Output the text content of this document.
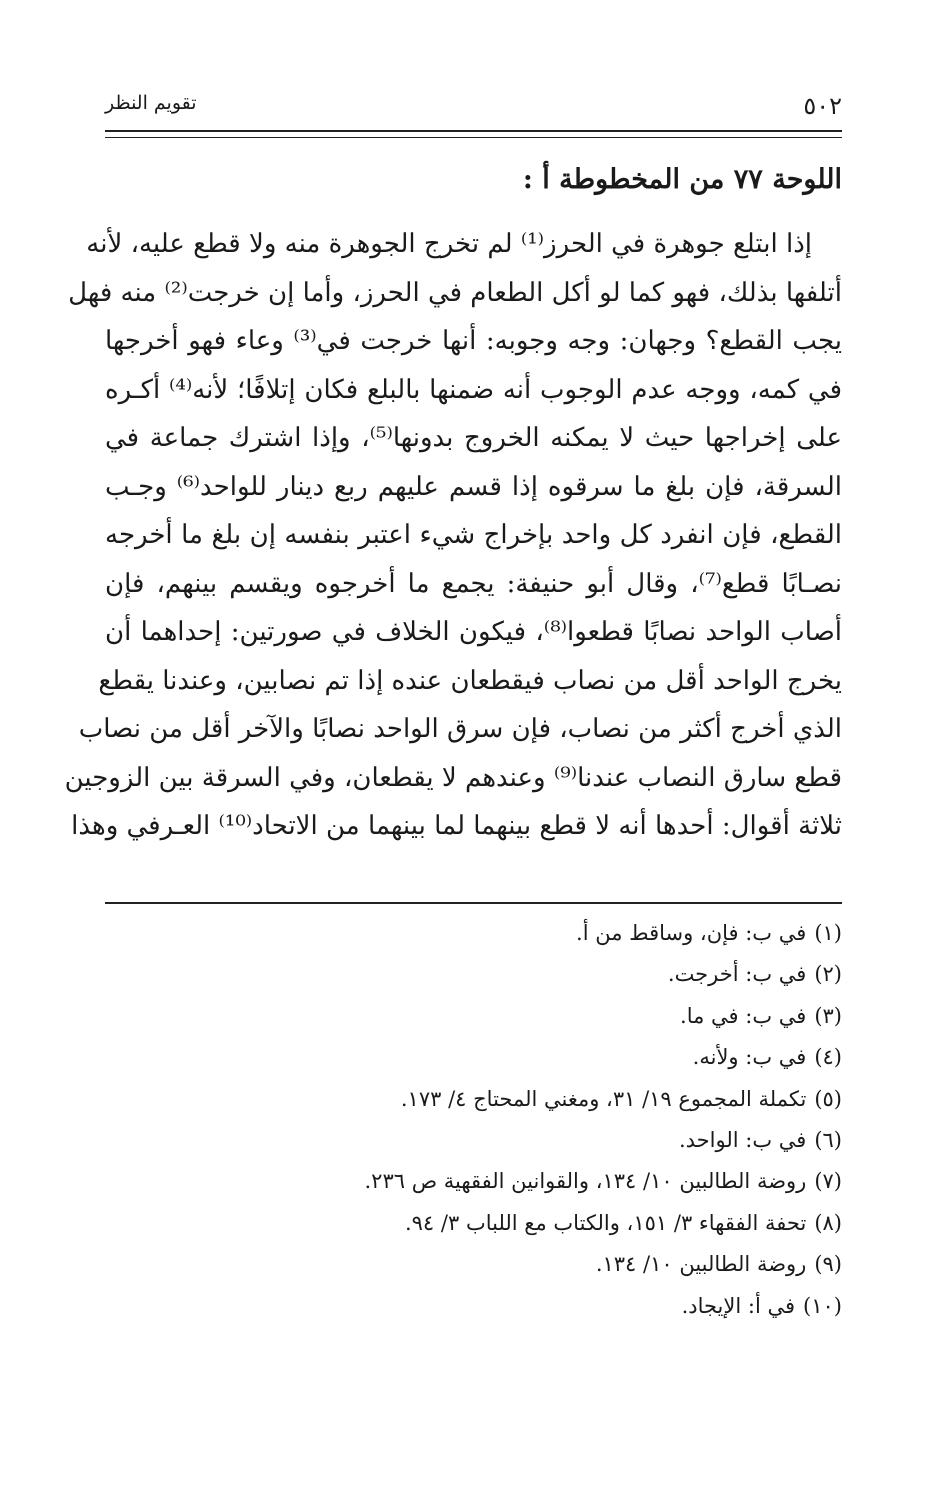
٥٠٢
تقويم النظر
اللوحة ٧٧ من المخطوطة أ :
إذا ابتلع جوهرة في الحرز⁽¹⁾ لم تخرج الجوهرة منه ولا قطع عليه، لأنه
أتلفها بذلك، فهو كما لو أكل الطعام في الحرز، وأما إن خرجت⁽²⁾ منه فهل
يجب القطع؟ وجهان: وجه وجوبه: أنها خرجت في⁽³⁾ وعاء فهو أخرجها
في كمه، ووجه عدم الوجوب أنه ضمنها بالبلع فكان إتلافًا؛ لأنه⁽⁴⁾ أكـره
على إخراجها حيث لا يمكنه الخروج بدونها⁽⁵⁾، وإذا اشترك جماعة في
السرقة، فإن بلغ ما سرقوه إذا قسم عليهم ربع دينار للواحد⁽⁶⁾ وجـب
القطع، فإن انفرد كل واحد بإخراج شيء اعتبر بنفسه إن بلغ ما أخرجه
نصـابًا قطع⁽⁷⁾، وقال أبو حنيفة: يجمع ما أخرجوه ويقسم بينهم، فإن
أصاب الواحد نصابًا قطعوا⁽⁸⁾، فيكون الخلاف في صورتين: إحداهما أن
يخرج الواحد أقل من نصاب فيقطعان عنده إذا تم نصابين، وعندنا يقطع
الذي أخرج أكثر من نصاب، فإن سرق الواحد نصابًا والآخر أقل من نصاب
قطع سارق النصاب عندنا⁽⁹⁾ وعندهم لا يقطعان، وفي السرقة بين الزوجين
ثلاثة أقوال: أحدها أنه لا قطع بينهما لما بينهما من الاتحاد⁽¹⁰⁾ العـرفي وهذا
(١)في ب: فإن، وساقط من أ.
(٢)في ب: أخرجت.
(٣)في ب: في ما.
(٤)في ب: ولأنه.
(٥)تكملة المجموع ١٩/ ٣١، ومغني المحتاج ٤/ ١٧٣.
(٦)في ب: الواحد.
(٧)روضة الطالبين ١٠/ ١٣٤، والقوانين الفقهية ص ٢٣٦.
(٨)تحفة الفقهاء ٣/ ١٥١، والكتاب مع اللباب ٣/ ٩٤.
(٩)روضة الطالبين ١٠/ ١٣٤.
(١٠)في أ: الإيجاد.
